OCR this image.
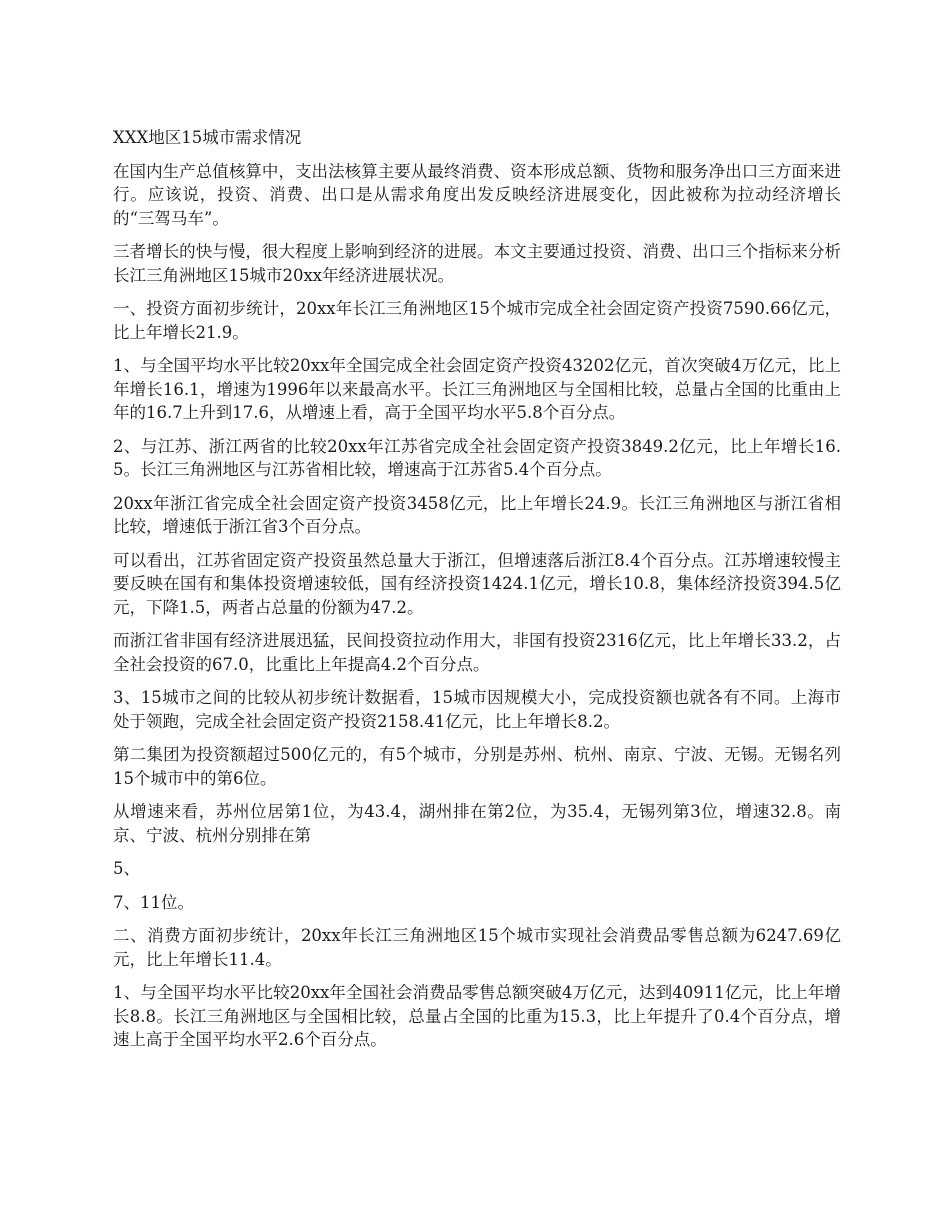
XXX地区15城市需求情况

在国内生产总值核算中，支出法核算主要从最终消费、资本形成总额、货物和服务净出口三方面来进行。应该说，投资、消费、出口是从需求角度出发反映经济进展变化，因此被称为拉动经济增长的“三驾马车”。

三者增长的快与慢，很大程度上影响到经济的进展。本文主要通过投资、消费、出口三个指标来分析长江三角洲地区15城市20xx年经济进展状况。

一、投资方面初步统计，20xx年长江三角洲地区15个城市完成全社会固定资产投资7590.66亿元，比上年增长21.9。

1、与全国平均水平比较20xx年全国完成全社会固定资产投资43202亿元，首次突破4万亿元，比上年增长16.1，增速为1996年以来最高水平。长江三角洲地区与全国相比较，总量占全国的比重由上年的16.7上升到17.6，从增速上看，高于全国平均水平5.8个百分点。

2、与江苏、浙江两省的比较20xx年江苏省完成全社会固定资产投资3849.2亿元，比上年增长16.5。长江三角洲地区与江苏省相比较，增速高于江苏省5.4个百分点。

20xx年浙江省完成全社会固定资产投资3458亿元，比上年增长24.9。长江三角洲地区与浙江省相比较，增速低于浙江省3个百分点。

可以看出，江苏省固定资产投资虽然总量大于浙江，但增速落后浙江8.4个百分点。江苏增速较慢主要反映在国有和集体投资增速较低，国有经济投资1424.1亿元，增长10.8，集体经济投资394.5亿元，下降1.5，两者占总量的份额为47.2。

而浙江省非国有经济进展迅猛，民间投资拉动作用大，非国有投资2316亿元，比上年增长33.2，占全社会投资的67.0，比重比上年提高4.2个百分点。

3、15城市之间的比较从初步统计数据看，15城市因规模大小，完成投资额也就各有不同。上海市处于领跑，完成全社会固定资产投资2158.41亿元，比上年增长8.2。

第二集团为投资额超过500亿元的，有5个城市，分别是苏州、杭州、南京、宁波、无锡。无锡名列15个城市中的第6位。

从增速来看，苏州位居第1位，为43.4，湖州排在第2位，为35.4，无锡列第3位，增速32.8。南京、宁波、杭州分别排在第

5、

7、11位。

二、消费方面初步统计，20xx年长江三角洲地区15个城市实现社会消费品零售总额为6247.69亿元，比上年增长11.4。

1、与全国平均水平比较20xx年全国社会消费品零售总额突破4万亿元，达到40911亿元，比上年增长8.8。长江三角洲地区与全国相比较，总量占全国的比重为15.3，比上年提升了0.4个百分点，增速上高于全国平均水平2.6个百分点。
